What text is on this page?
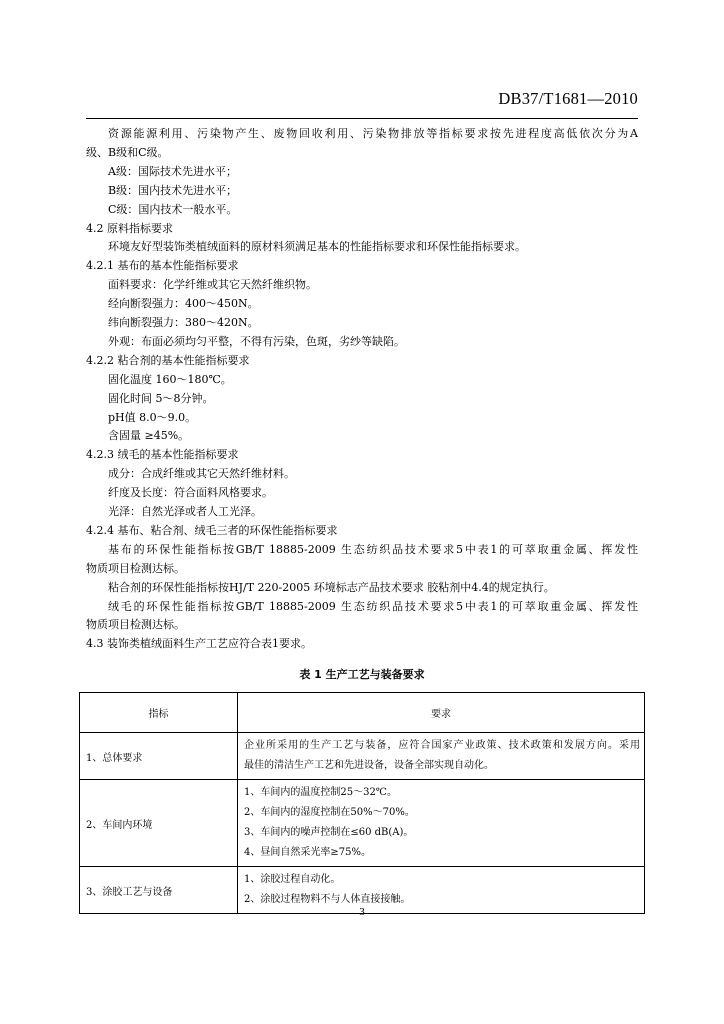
DB37/T1681—2010
资源能源利用、污染物产生、废物回收利用、污染物排放等指标要求按先进程度高低依次分为A
级、B级和C级。
A级：国际技术先进水平；
B级：国内技术先进水平；
C级：国内技术一般水平。
4.2 原料指标要求
环境友好型装饰类植绒面料的原材料须满足基本的性能指标要求和环保性能指标要求。
4.2.1 基布的基本性能指标要求
面料要求：化学纤维或其它天然纤维织物。
经向断裂强力：400～450N。
纬向断裂强力：380～420N。
外观：布面必须均匀平整，不得有污染，色斑，劣纱等缺陷。
4.2.2 粘合剂的基本性能指标要求
固化温度 160～180℃。
固化时间 5～8分钟。
pH值 8.0～9.0。
含固量 ≥45%。
4.2.3 绒毛的基本性能指标要求
成分：合成纤维或其它天然纤维材料。
纤度及长度：符合面料风格要求。
光泽：自然光泽或者人工光泽。
4.2.4 基布、粘合剂、绒毛三者的环保性能指标要求
基布的环保性能指标按GB/T 18885-2009 生态纺织品技术要求5中表1的可萃取重金属、挥发性
物质项目检测达标。
粘合剂的环保性能指标按HJ/T 220-2005 环境标志产品技术要求 胶粘剂中4.4的规定执行。
绒毛的环保性能指标按GB/T 18885-2009 生态纺织品技术要求5中表1的可萃取重金属、挥发性
物质项目检测达标。
4.3 装饰类植绒面料生产工艺应符合表1要求。
表 1 生产工艺与装备要求
指标	要求
1、总体要求	企业所采用的生产工艺与装备，应符合国家产业政策、技术政策和发展方向。采用
最佳的清洁生产工艺和先进设备，设备全部实现自动化。

2、车间内环境	1、车间内的温度控制25～32℃。
2、车间内的湿度控制在50%～70%。
3、车间内的噪声控制在≤60 dB(A)。
4、昼间自然采光率≥75%。

3、涂胶工艺与设备	1、涂胶过程自动化。
2、涂胶过程物料不与人体直接接触。
3
